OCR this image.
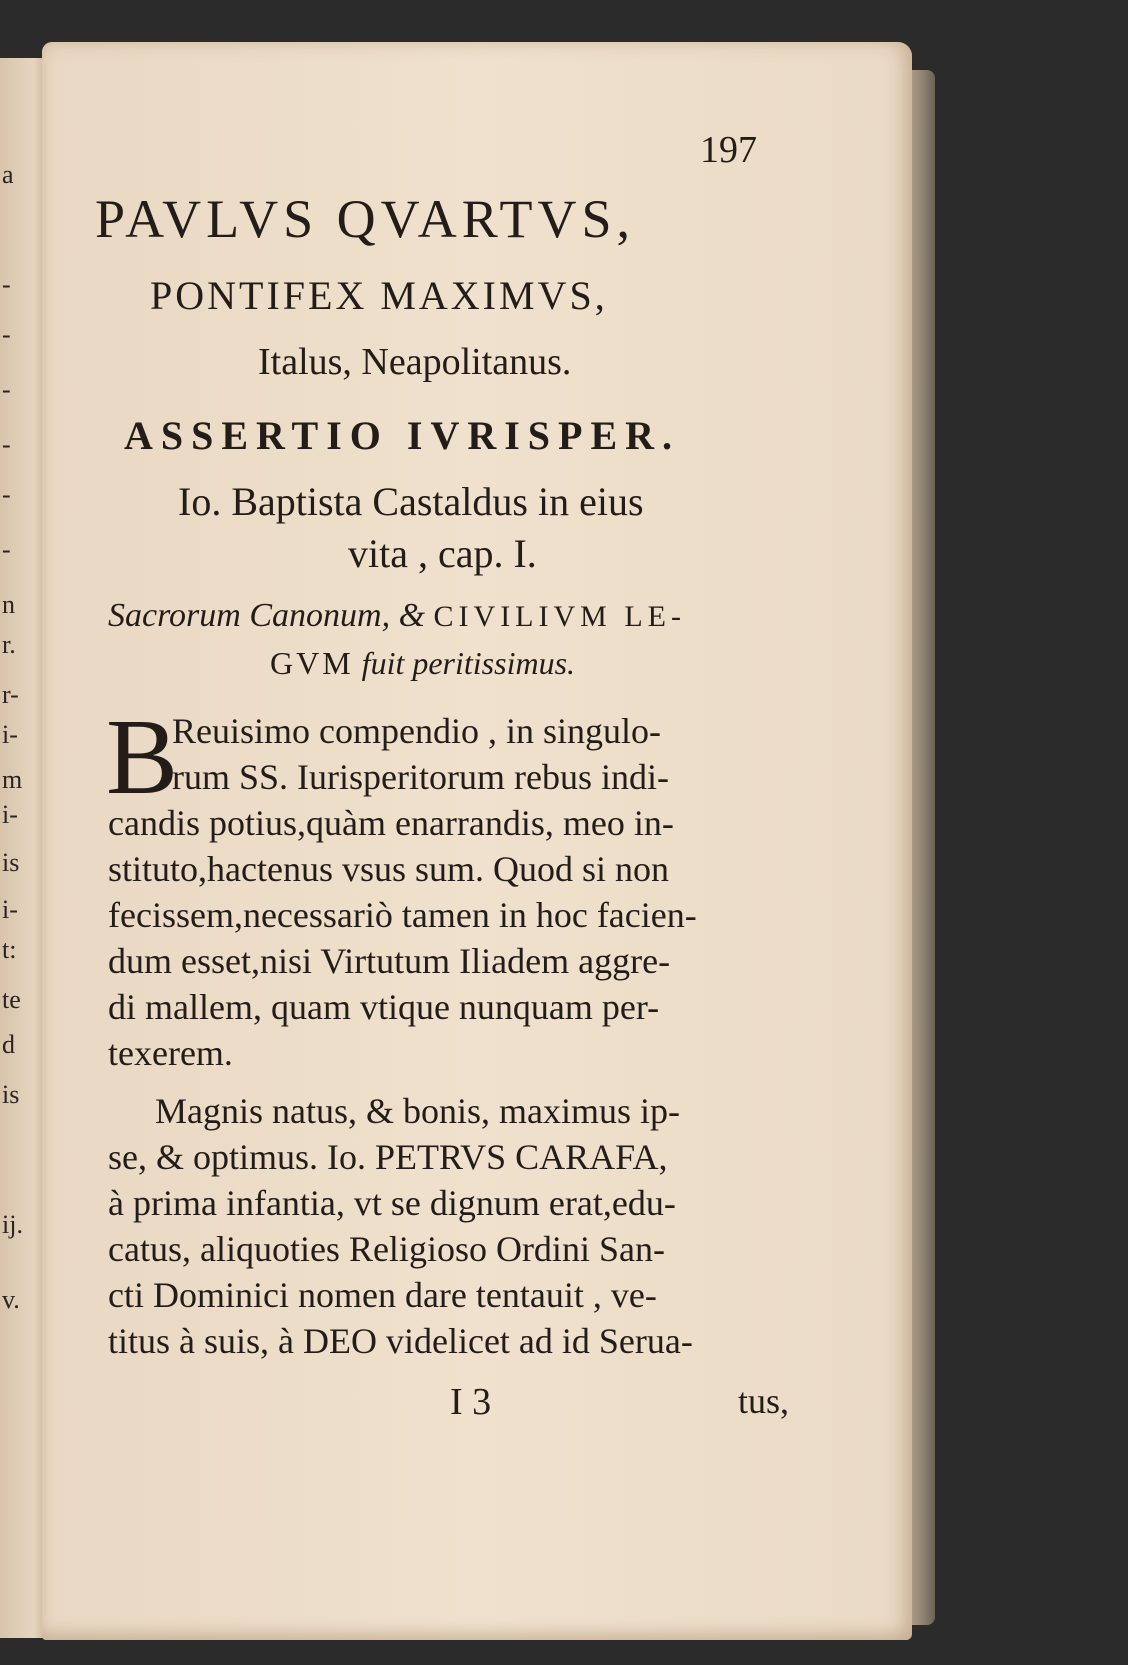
a
-
-
-
-
-
-
n
r.
r-
i-
m
i-
is
i-
t:
te
d
is
ij.
v.
197
PAVLVS QVARTVS,
PONTIFEX MAXIMVS,
Italus, Neapolitanus.
ASSERTIO IVRISPER.
Io. Baptista Castaldus in eius
vita , cap. I.
Sacrorum Canonum, & CIVILIVM LE-
GVM fuit peritissimus.
B
Reuisimo compendio , in singulo-
rum SS. Iurisperitorum rebus indi-
candis potius,quàm enarrandis, meo in-
stituto,hactenus vsus sum. Quod si non
fecissem,necessariò tamen in hoc facien-
dum esset,nisi Virtutum Iliadem aggre-
di mallem, quam vtique nunquam per-
texerem.
Magnis natus, & bonis, maximus ip-
se, & optimus. Io. PETRVS CARAFA,
à prima infantia, vt se dignum erat,edu-
catus, aliquoties Religioso Ordini San-
cti Dominici nomen dare tentauit , ve-
titus à suis, à DEO videlicet ad id Serua-
I 3	tus,
